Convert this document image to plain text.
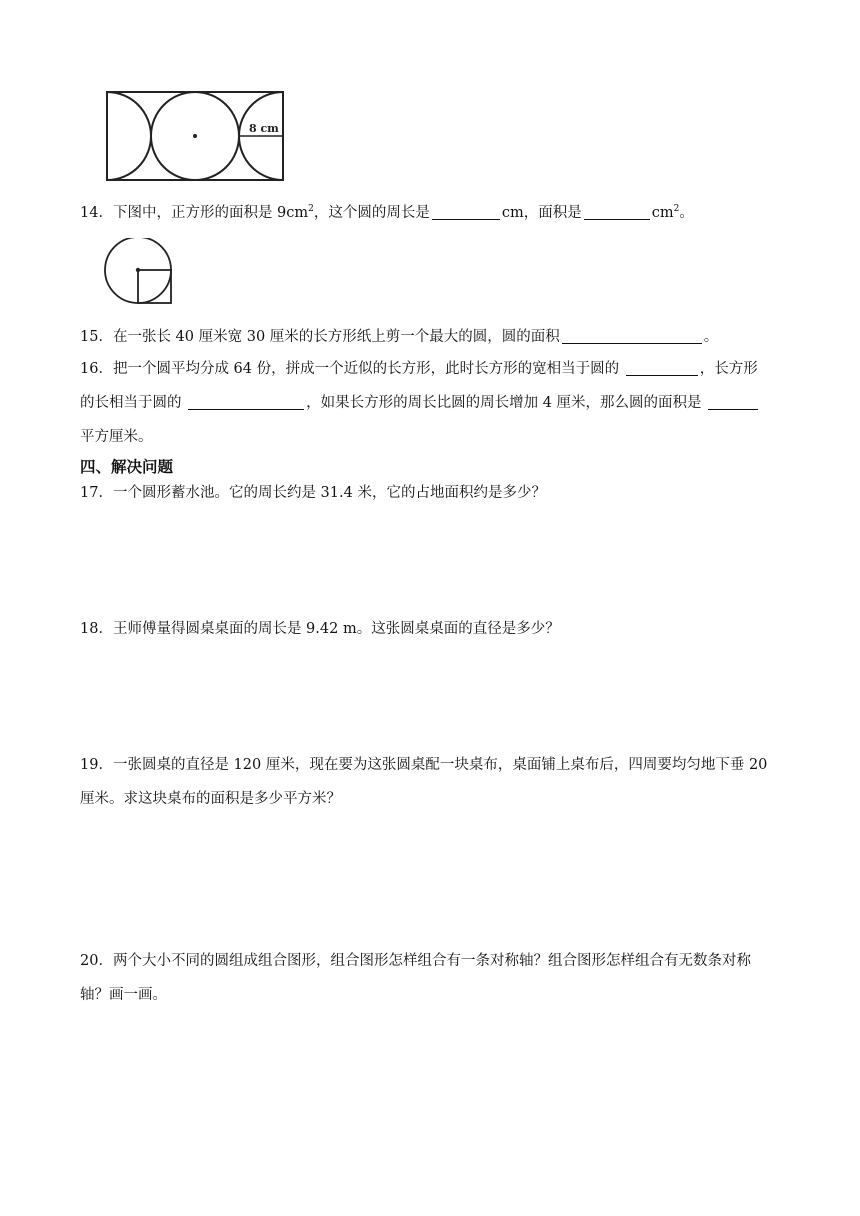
8 cm
14．下图中，正方形的面积是 $9cm^2$，这个圆的周长是	cm，面积是	$cm^2$。
15．在一张长 40 厘米宽 30 厘米的长方形纸上剪一个最大的圆，圆的面积	。
16．把一个圆平均分成 64 份，拼成一个近似的长方形，此时长方形的宽相当于圆的	，长方形
的长相当于圆的	，如果长方形的周长比圆的周长增加 4 厘米，那么圆的面积是
平方厘米。
四、解决问题
17．一个圆形蓄水池。它的周长约是 31.4 米，它的占地面积约是多少？
18．王师傅量得圆桌桌面的周长是 9.42 m。这张圆桌桌面的直径是多少？
19．一张圆桌的直径是 120 厘米，现在要为这张圆桌配一块桌布，桌面铺上桌布后，四周要均匀地下垂 20
厘米。求这块桌布的面积是多少平方米？
20．两个大小不同的圆组成组合图形，组合图形怎样组合有一条对称轴？组合图形怎样组合有无数条对称
轴？画一画。
